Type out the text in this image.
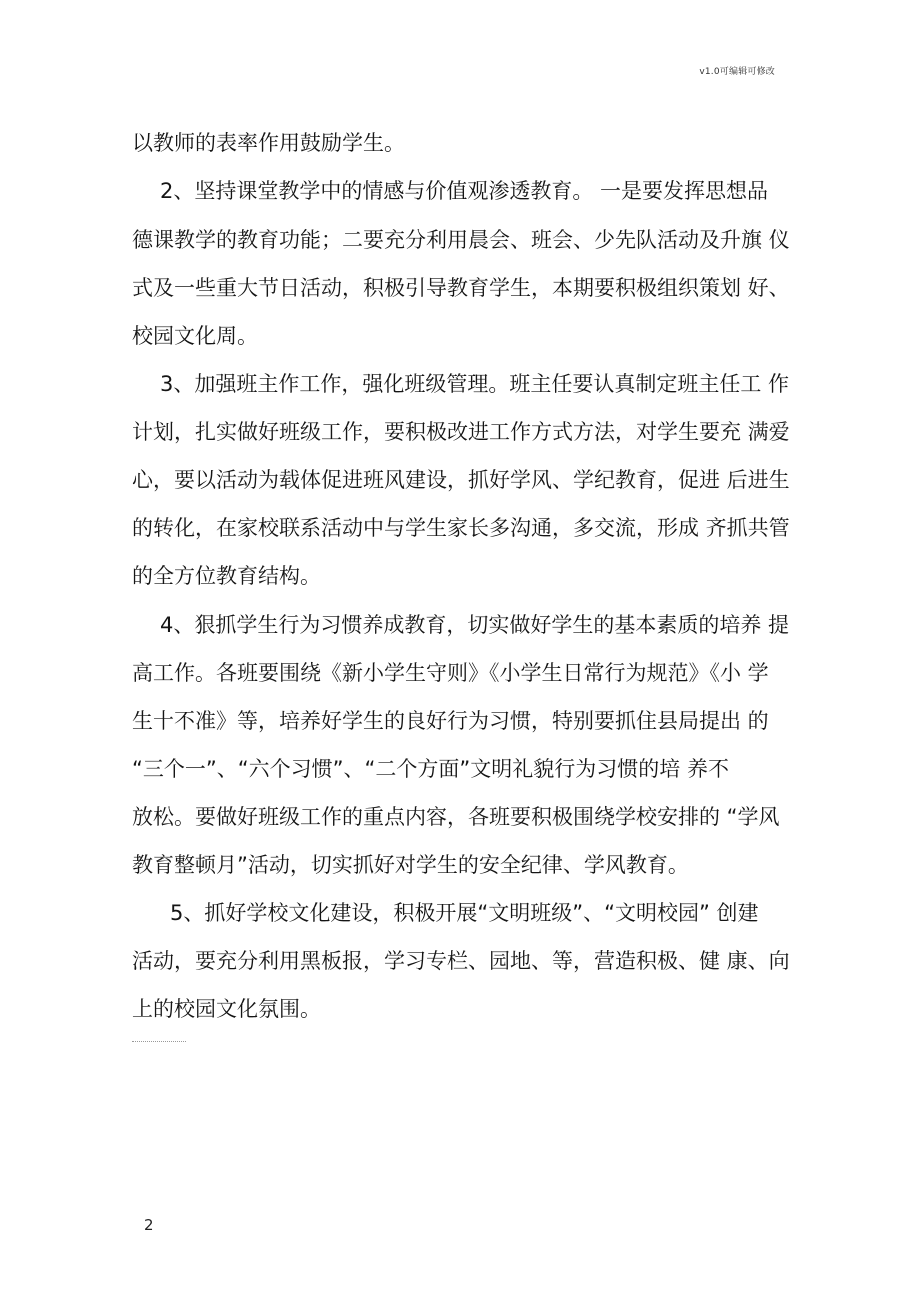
v1.0可编辑可修改
以教师的表率作用鼓励学生。
2、坚持课堂教学中的情感与价值观渗透教育。 一是要发挥思想品
德课教学的教育功能；二要充分利用晨会、班会、少先队活动及升旗 仪
式及一些重大节日活动，积极引导教育学生，本期要积极组织策划 好、
校园文化周。
3、加强班主作工作，强化班级管理。班主任要认真制定班主任工 作
计划，扎实做好班级工作，要积极改进工作方式方法，对学生要充 满爱
心，要以活动为载体促进班风建设，抓好学风、学纪教育，促进 后进生
的转化，在家校联系活动中与学生家长多沟通，多交流，形成 齐抓共管
的全方位教育结构。
4、狠抓学生行为习惯养成教育，切实做好学生的基本素质的培养 提
高工作。各班要围绕《新小学生守则》《小学生日常行为规范》《小 学
生十不准》等，培养好学生的良好行为习惯，特别要抓住县局提出 的
“三个一”、“六个习惯”、“二个方面”文明礼貌行为习惯的培 养不
放松。要做好班级工作的重点内容，各班要积极围绕学校安排的 “学风
教育整顿月”活动，切实抓好对学生的安全纪律、学风教育。
5、抓好学校文化建设，积极开展“文明班级”、“文明校园” 创建
活动，要充分利用黑板报，学习专栏、园地、等，营造积极、健 康、向
上的校园文化氛围。
2
